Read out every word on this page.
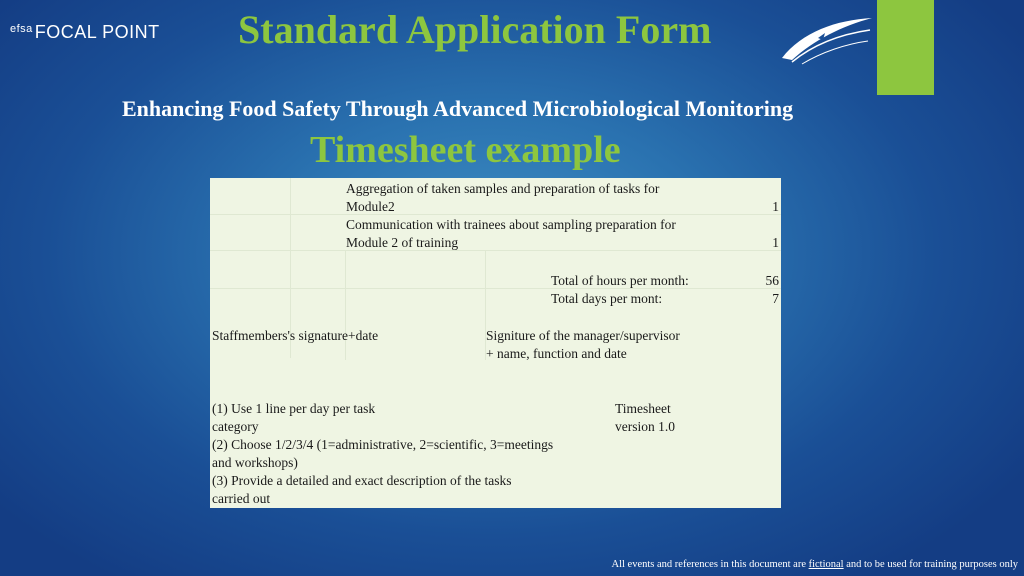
efsa FOCAL POINT Standard Application Form
Enhancing Food Safety Through Advanced Microbiological Monitoring
Timesheet example
Aggregation of taken samples and preparation of tasks for
Module2	1
Communication with trainees about sampling preparation for
Module 2 of training	1
Total of hours per month:	56
Total days per mont:	7
Staffmembers's signature+date	Signiture of the manager/supervisor
+ name, function and date
(1) Use 1 line per day per task
category
(2) Choose 1/2/3/4 (1=administrative, 2=scientific, 3=meetings
and workshops)
(3) Provide a detailed and exact description of the tasks
carried out
Timesheet
version 1.0
All events and references in this document are fictional and to be used for training purposes only
